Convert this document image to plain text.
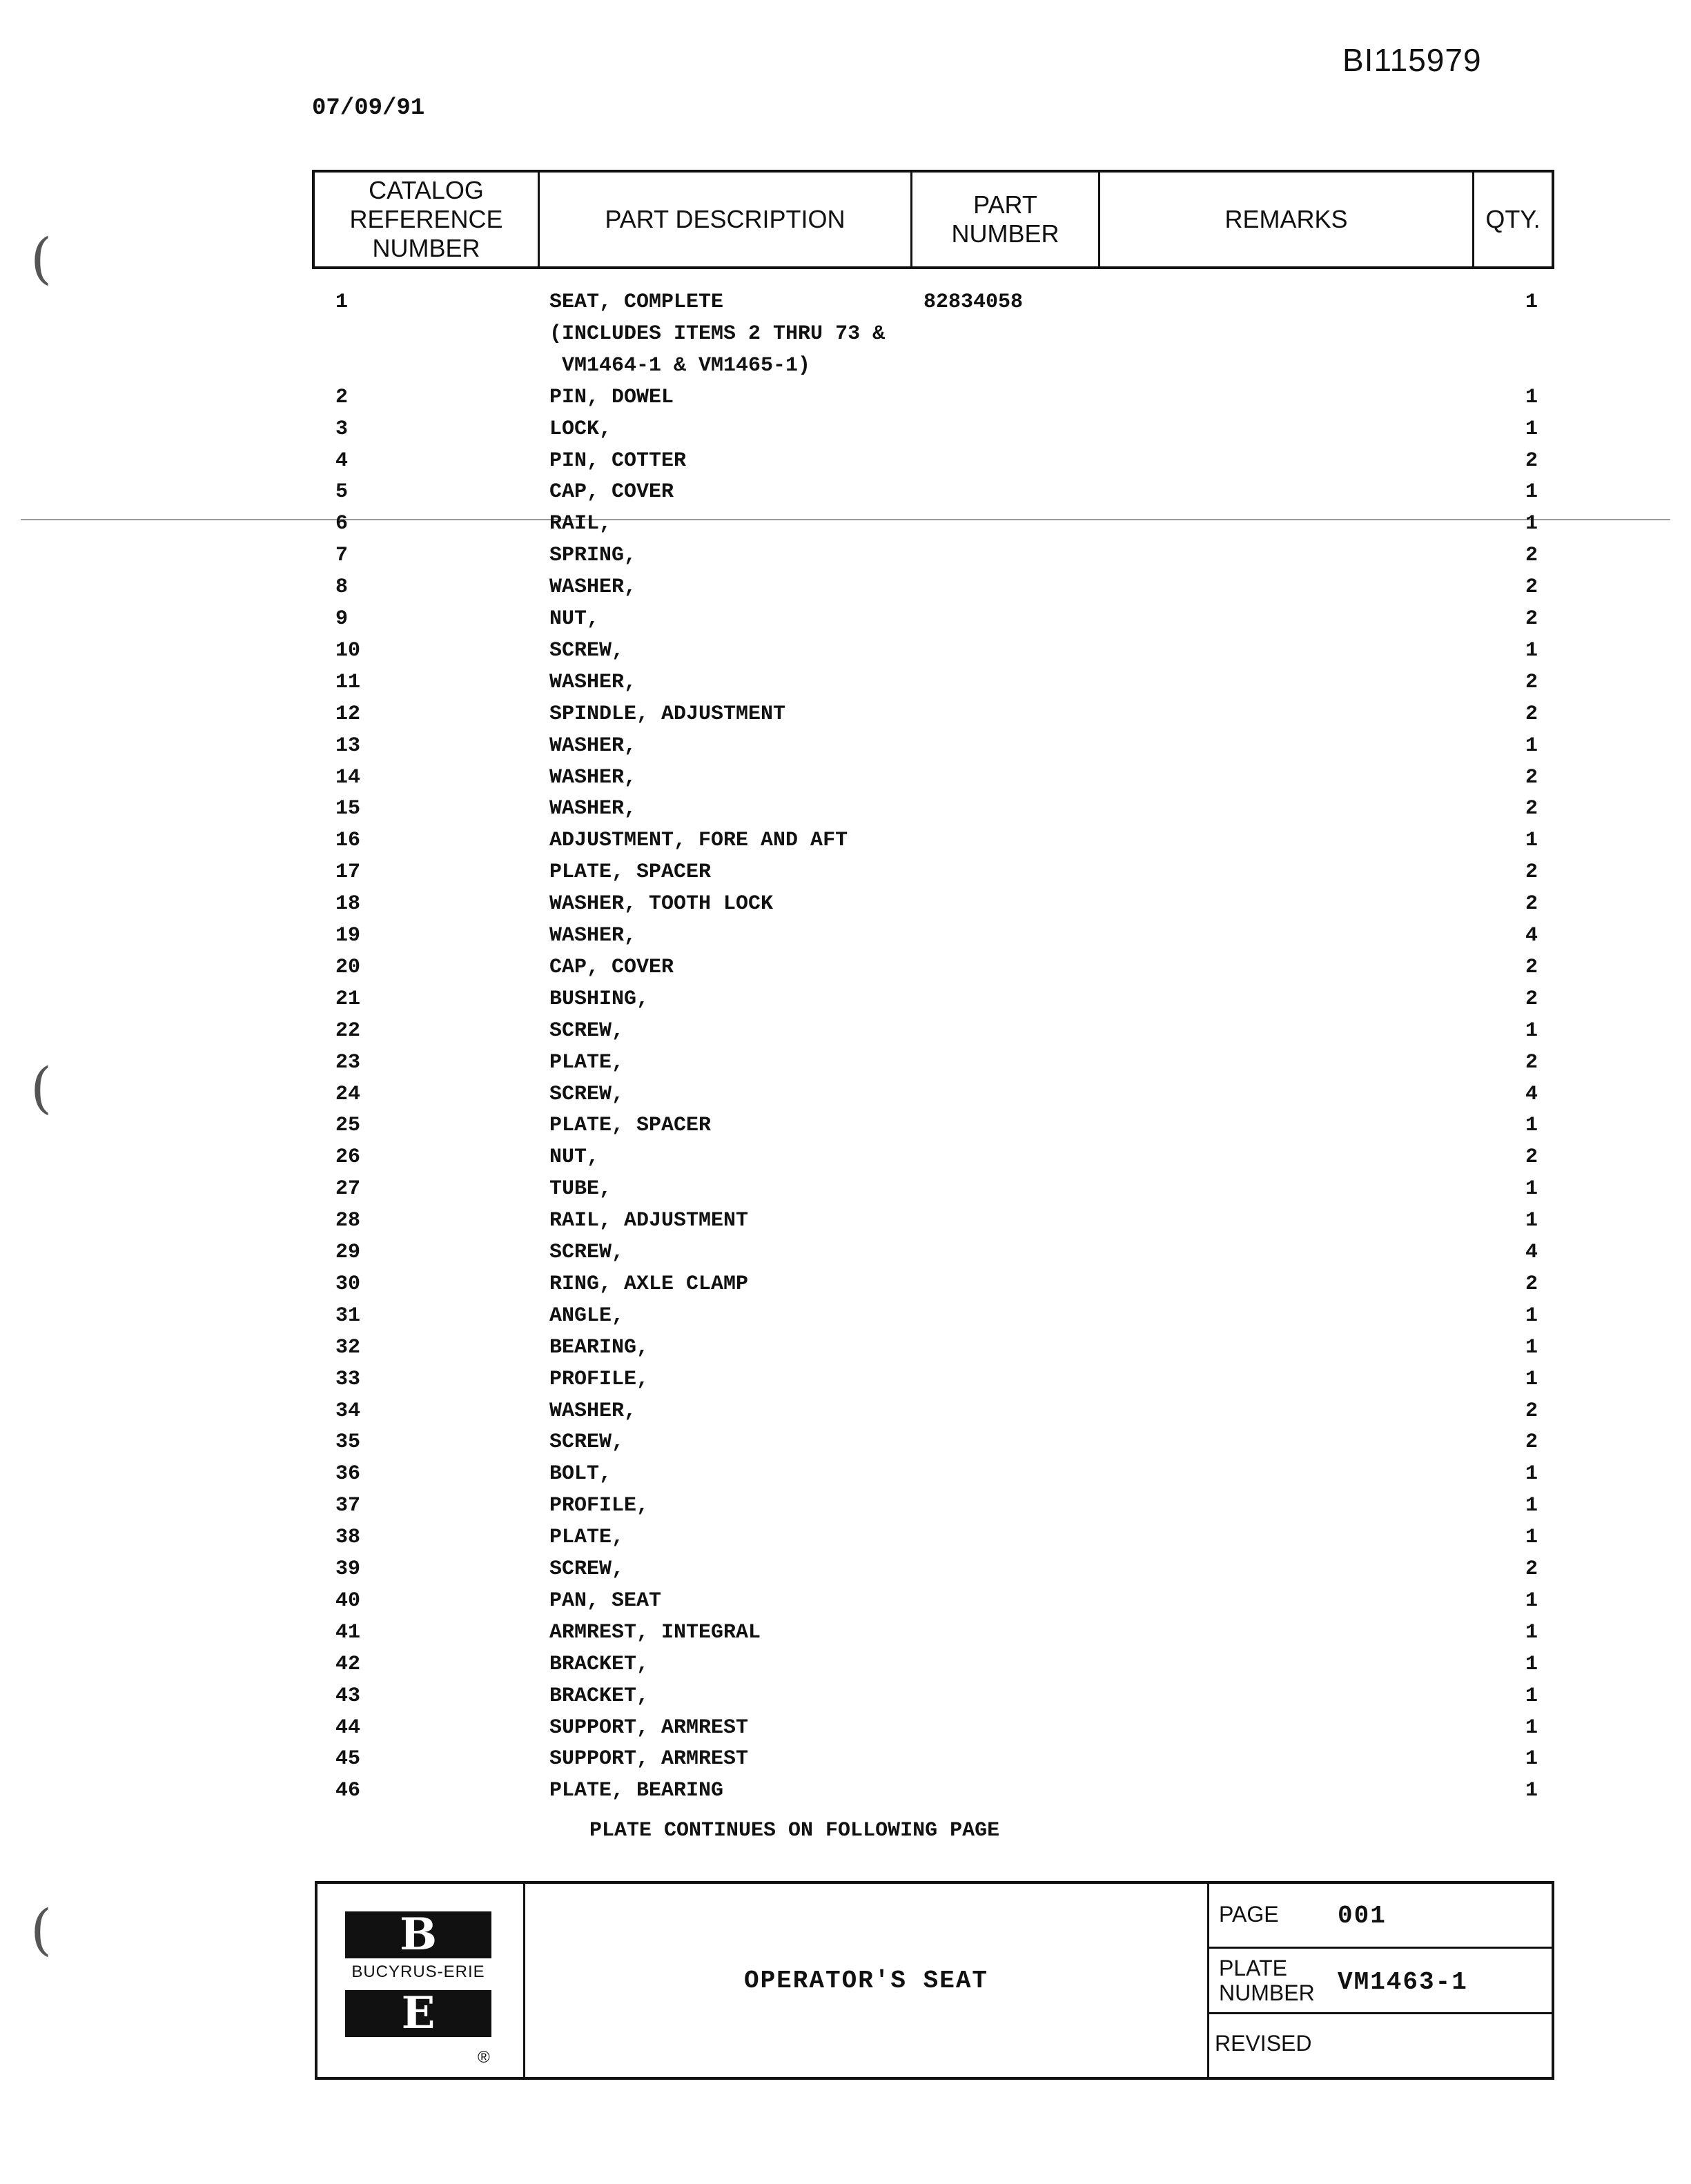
BI115979
07/09/91
CATALOG
REFERENCE
NUMBER
PART DESCRIPTION
PART
NUMBER
REMARKS	QTY.
(
(
(
1	SEAT, COMPLETE	82834058	1
(INCLUDES ITEMS 2 THRU 73 &
VM1464-1 & VM1465-1)
2	PIN, DOWEL	1
3	LOCK,	1
4	PIN, COTTER	2
5	CAP, COVER	1
6	RAIL,	1
7	SPRING,	2
8	WASHER,	2
9	NUT,	2
10	SCREW,	1
11	WASHER,	2
12	SPINDLE, ADJUSTMENT	2
13	WASHER,	1
14	WASHER,	2
15	WASHER,	2
16	ADJUSTMENT, FORE AND AFT	1
17	PLATE, SPACER	2
18	WASHER, TOOTH LOCK	2
19	WASHER,	4
20	CAP, COVER	2
21	BUSHING,	2
22	SCREW,	1
23	PLATE,	2
24	SCREW,	4
25	PLATE, SPACER	1
26	NUT,	2
27	TUBE,	1
28	RAIL, ADJUSTMENT	1
29	SCREW,	4
30	RING, AXLE CLAMP	2
31	ANGLE,	1
32	BEARING,	1
33	PROFILE,	1
34	WASHER,	2
35	SCREW,	2
36	BOLT,	1
37	PROFILE,	1
38	PLATE,	1
39	SCREW,	2
40	PAN, SEAT	1
41	ARMREST, INTEGRAL	1
42	BRACKET,	1
43	BRACKET,	1
44	SUPPORT, ARMREST	1
45	SUPPORT, ARMREST	1
46	PLATE, BEARING	1
PLATE CONTINUES ON FOLLOWING PAGE
B
BUCYRUS-ERIE
E
®
OPERATOR'S SEAT
PAGE 001
PLATE
NUMBER VM1463-1
REVISED
